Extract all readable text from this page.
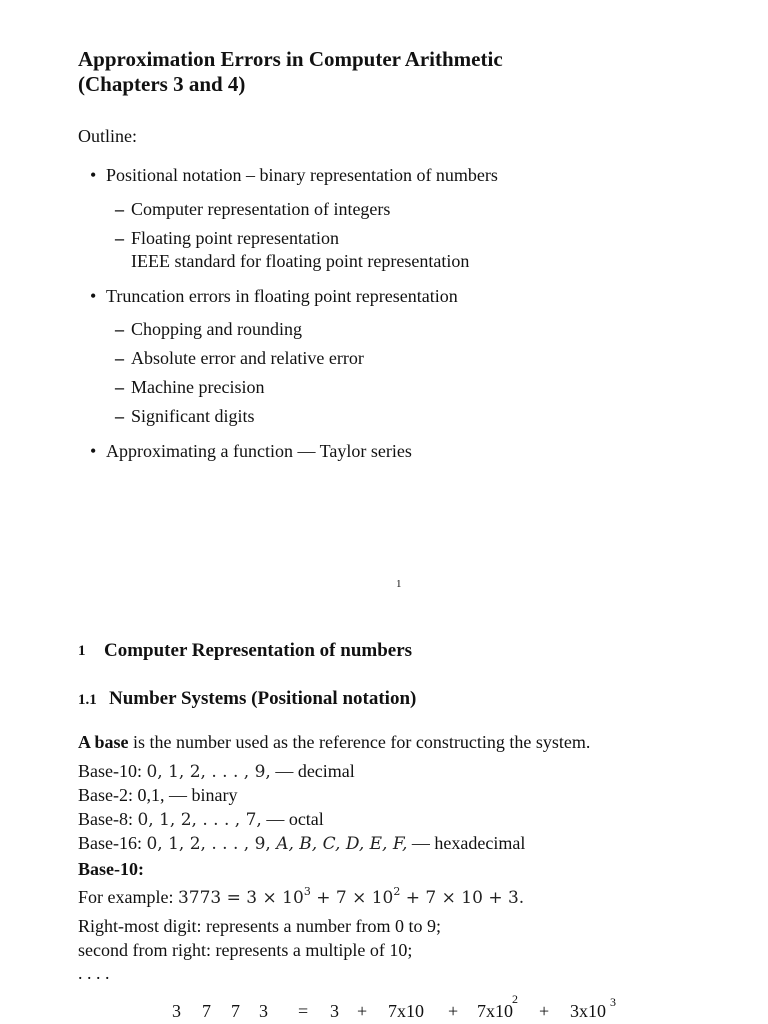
Approximation Errors in Computer Arithmetic
(Chapters 3 and 4)
Outline:
• Positional notation – binary representation of numbers
– Computer representation of integers
– Floating point representation
IEEE standard for floating point representation
• Truncation errors in floating point representation
– Chopping and rounding
– Absolute error and relative error
– Machine precision
– Significant digits
• Approximating a function — Taylor series
1
1 Computer Representation of numbers
1.1 Number Systems (Positional notation)
A base is the number used as the reference for constructing the system.
Base-10: 0, 1, 2, . . . , 9, — decimal
Base-2: 0,1, — binary
Base-8: 0, 1, 2, . . . , 7, — octal
Base-16: 0, 1, 2, . . . , 9, A, B, C, D, E, F, — hexadecimal
Base-10:
For example: $3773 = 3 \times 10^3 + 7 \times 10^2 + 7 \times 10 + 3$.
Right-most digit: represents a number from 0 to 9;
second from right: represents a multiple of 10;
. . . .
3 7 7 3 = 3 + 7x10 + 7x10
2
+ 3x10 3
